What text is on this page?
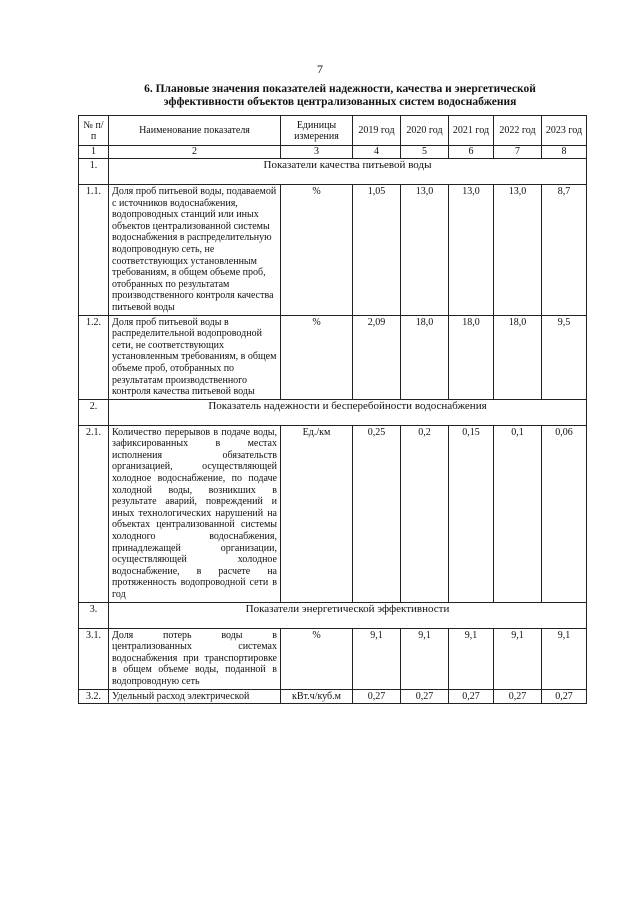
7
6. Плановые значения показателей надежности, качества и энергетической
эффективности объектов централизованных систем водоснабжения
№ п/п	Наименование показателя	Единицы измерения	2019 год	2020 год	2021 год	2022 год	2023 год
1	2	3	4	5	6	7	8
1.	Показатели качества питьевой воды						
1.1.	Доля проб питьевой воды, подаваемой с источников водоснабжения, водопроводных станций или иных объектов централизованной системы водоснабжения в распределительную водопроводную сеть, не соответствующих установленным требованиям, в общем объеме проб, отобранных по результатам производственного контроля качества питьевой воды	%	1,05	13,0	13,0	13,0	8,7
1.2.	Доля проб питьевой воды в распределительной водопроводной сети, не соответствующих установленным требованиям, в общем объеме проб, отобранных по результатам производственного контроля качества питьевой воды	%	2,09	18,0	18,0	18,0	9,5
2.	Показатель надежности и бесперебойности водоснабжения						
2.1.	Количество перерывов в подаче воды, зафиксированных в местах исполнения обязательств организацией, осуществляющей холодное водоснабжение, по подаче холодной воды, возникших в результате аварий, повреждений и иных технологических нарушений на объектах централизованной системы холодного водоснабжения, принадлежащей организации, осуществляющей холодное водоснабжение, в расчете на протяженность водопроводной сети в год	Ед./км	0,25	0,2	0,15	0,1	0,06
3.	Показатели энергетической эффективности						
3.1.	Доля потерь воды в централизованных системах водоснабжения при транспортировке в общем объеме воды, поданной в водопроводную сеть	%	9,1	9,1	9,1	9,1	9,1
3.2.	Удельный расход электрической	кВт.ч/куб.м	0,27	0,27	0,27	0,27	0,27
